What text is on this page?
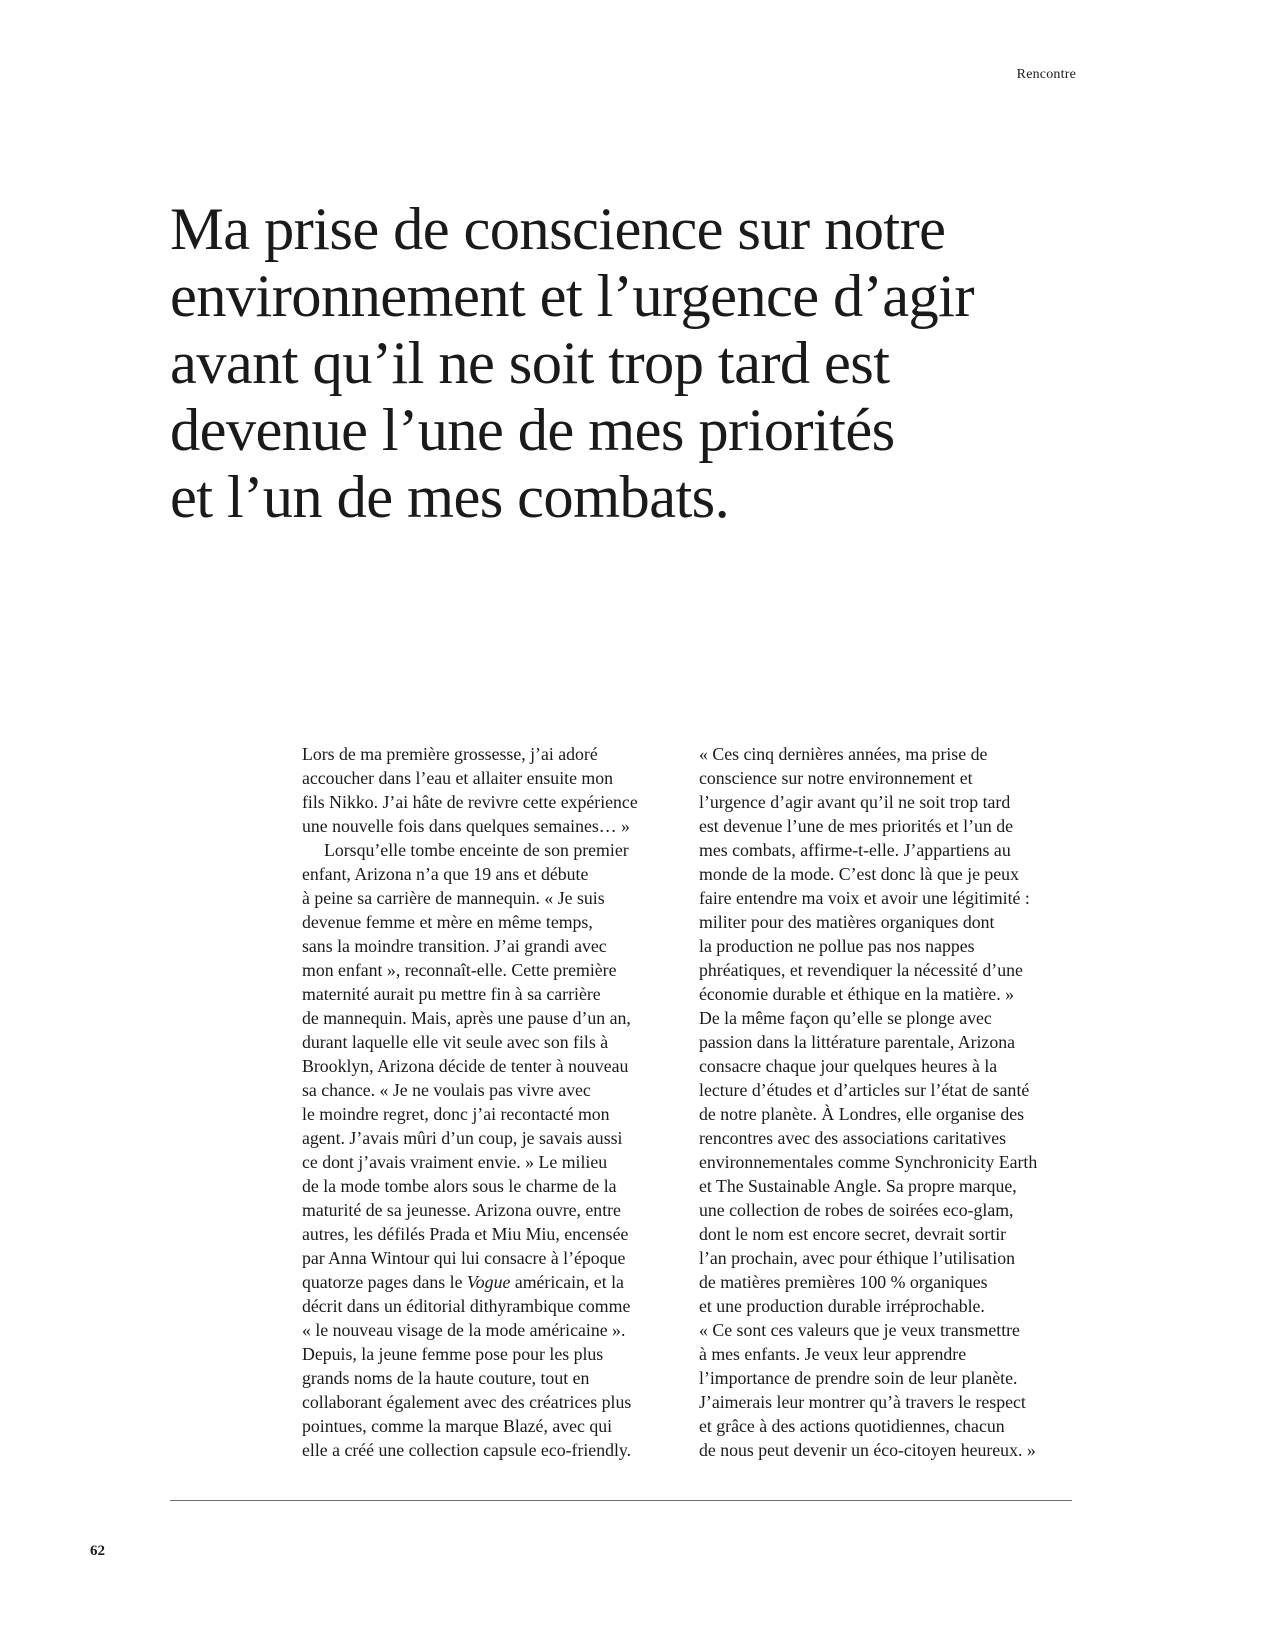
Rencontre
Ma prise de conscience sur notre
environnement et l’urgence d’agir
avant qu’il ne soit trop tard est
devenue l’une de mes priorités
et l’un de mes combats.
Lors de ma première grossesse, j’ai adoré
accoucher dans l’eau et allaiter ensuite mon
fils Nikko. J’ai hâte de revivre cette expérience
une nouvelle fois dans quelques semaines… »
Lorsqu’elle tombe enceinte de son premier
enfant, Arizona n’a que 19 ans et débute
à peine sa carrière de mannequin. « Je suis
devenue femme et mère en même temps,
sans la moindre transition. J’ai grandi avec
mon enfant », reconnaît-elle. Cette première
maternité aurait pu mettre fin à sa carrière
de mannequin. Mais, après une pause d’un an,
durant laquelle elle vit seule avec son fils à
Brooklyn, Arizona décide de tenter à nouveau
sa chance. « Je ne voulais pas vivre avec
le moindre regret, donc j’ai recontacté mon
agent. J’avais mûri d’un coup, je savais aussi
ce dont j’avais vraiment envie. » Le milieu
de la mode tombe alors sous le charme de la
maturité de sa jeunesse. Arizona ouvre, entre
autres, les défilés Prada et Miu Miu, encensée
par Anna Wintour qui lui consacre à l’époque
quatorze pages dans le Vogue américain, et la
décrit dans un éditorial dithyrambique comme
« le nouveau visage de la mode américaine ».
Depuis, la jeune femme pose pour les plus
grands noms de la haute couture, tout en
collaborant également avec des créatrices plus
pointues, comme la marque Blazé, avec qui
elle a créé une collection capsule eco-friendly.
« Ces cinq dernières années, ma prise de
conscience sur notre environnement et
l’urgence d’agir avant qu’il ne soit trop tard
est devenue l’une de mes priorités et l’un de
mes combats, affirme-t-elle. J’appartiens au
monde de la mode. C’est donc là que je peux
faire entendre ma voix et avoir une légitimité :
militer pour des matières organiques dont
la production ne pollue pas nos nappes
phréatiques, et revendiquer la nécessité d’une
économie durable et éthique en la matière. »
De la même façon qu’elle se plonge avec
passion dans la littérature parentale, Arizona
consacre chaque jour quelques heures à la
lecture d’études et d’articles sur l’état de santé
de notre planète. À Londres, elle organise des
rencontres avec des associations caritatives
environnementales comme Synchronicity Earth
et The Sustainable Angle. Sa propre marque,
une collection de robes de soirées eco-glam,
dont le nom est encore secret, devrait sortir
l’an prochain, avec pour éthique l’utilisation
de matières premières 100 % organiques
et une production durable irréprochable.
« Ce sont ces valeurs que je veux transmettre
à mes enfants. Je veux leur apprendre
l’importance de prendre soin de leur planète.
J’aimerais leur montrer qu’à travers le respect
et grâce à des actions quotidiennes, chacun
de nous peut devenir un éco-citoyen heureux. »
62
